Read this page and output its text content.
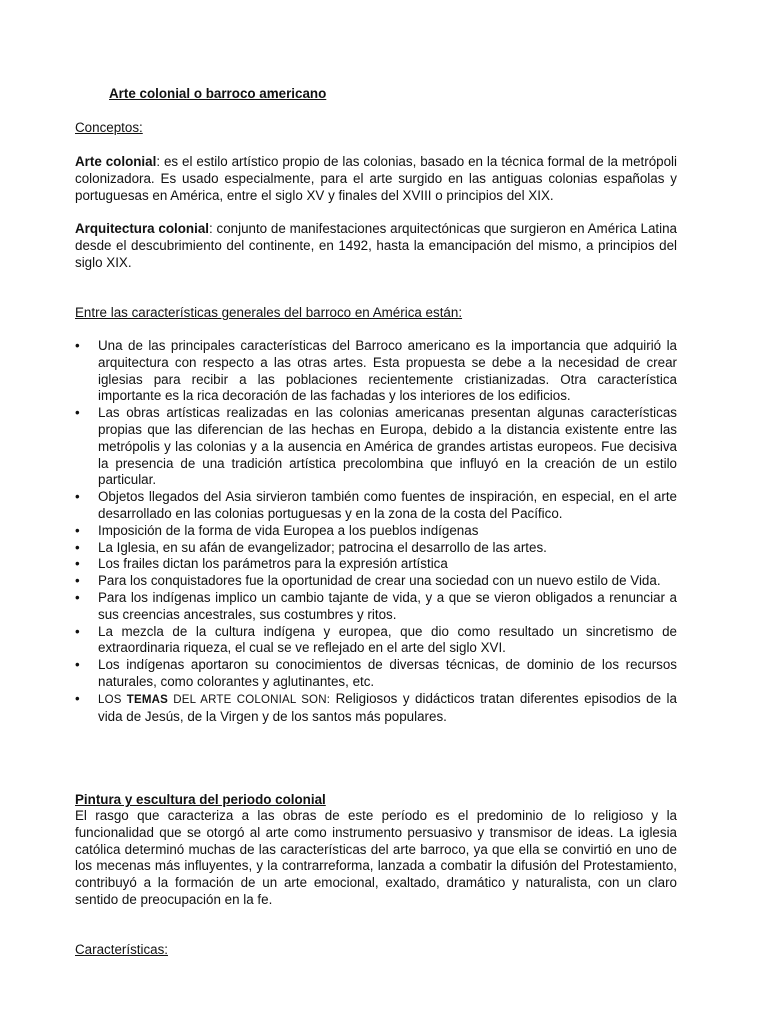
Arte colonial o barroco americano
Conceptos:
Arte colonial: es el estilo artístico propio de las colonias, basado en la técnica formal de la metrópoli colonizadora. Es usado especialmente, para el arte surgido en las antiguas colonias españolas y portuguesas en América, entre el siglo XV y finales del XVIII o principios del XIX.
Arquitectura colonial: conjunto de manifestaciones arquitectónicas que surgieron en América Latina desde el descubrimiento del continente, en 1492, hasta la emancipación del mismo, a principios del siglo XIX.
Entre las características generales del barroco en América están:
• Una de las principales características del Barroco americano es la importancia que adquirió la arquitectura con respecto a las otras artes. Esta propuesta se debe a la necesidad de crear iglesias para recibir a las poblaciones recientemente cristianizadas. Otra característica importante es la rica decoración de las fachadas y los interiores de los edificios.
• Las obras artísticas realizadas en las colonias americanas presentan algunas características propias que las diferencian de las hechas en Europa, debido a la distancia existente entre las metrópolis y las colonias y a la ausencia en América de grandes artistas europeos. Fue decisiva la presencia de una tradición artística precolombina que influyó en la creación de un estilo particular.
• Objetos llegados del Asia sirvieron también como fuentes de inspiración, en especial, en el arte desarrollado en las colonias portuguesas y en la zona de la costa del Pacífico.
• Imposición de la forma de vida Europea a los pueblos indígenas
• La Iglesia, en su afán de evangelizador; patrocina el desarrollo de las artes.
• Los frailes dictan los parámetros para la expresión artística
• Para los conquistadores fue la oportunidad de crear una sociedad con un nuevo estilo de Vida.
• Para los indígenas implico un cambio tajante de vida, y a que se vieron obligados a renunciar a sus creencias ancestrales, sus costumbres y ritos.
• La mezcla de la cultura indígena y europea, que dio como resultado un sincretismo de extraordinaria riqueza, el cual se ve reflejado en el arte del siglo XVI.
• Los indígenas aportaron su conocimientos de diversas técnicas, de dominio de los recursos naturales, como colorantes y aglutinantes, etc.
• LOS TEMAS DEL ARTE COLONIAL SON: Religiosos y didácticos tratan diferentes episodios de la vida de Jesús, de la Virgen y de los santos más populares.
Pintura y escultura del periodo colonial
El rasgo que caracteriza a las obras de este período es el predominio de lo religioso y la funcionalidad que se otorgó al arte como instrumento persuasivo y transmisor de ideas. La iglesia católica determinó muchas de las características del arte barroco, ya que ella se convirtió en uno de los mecenas más influyentes, y la contrarreforma, lanzada a combatir la difusión del Protestamiento, contribuyó a la formación de un arte emocional, exaltado, dramático y naturalista, con un claro sentido de preocupación en la fe.
Características:
